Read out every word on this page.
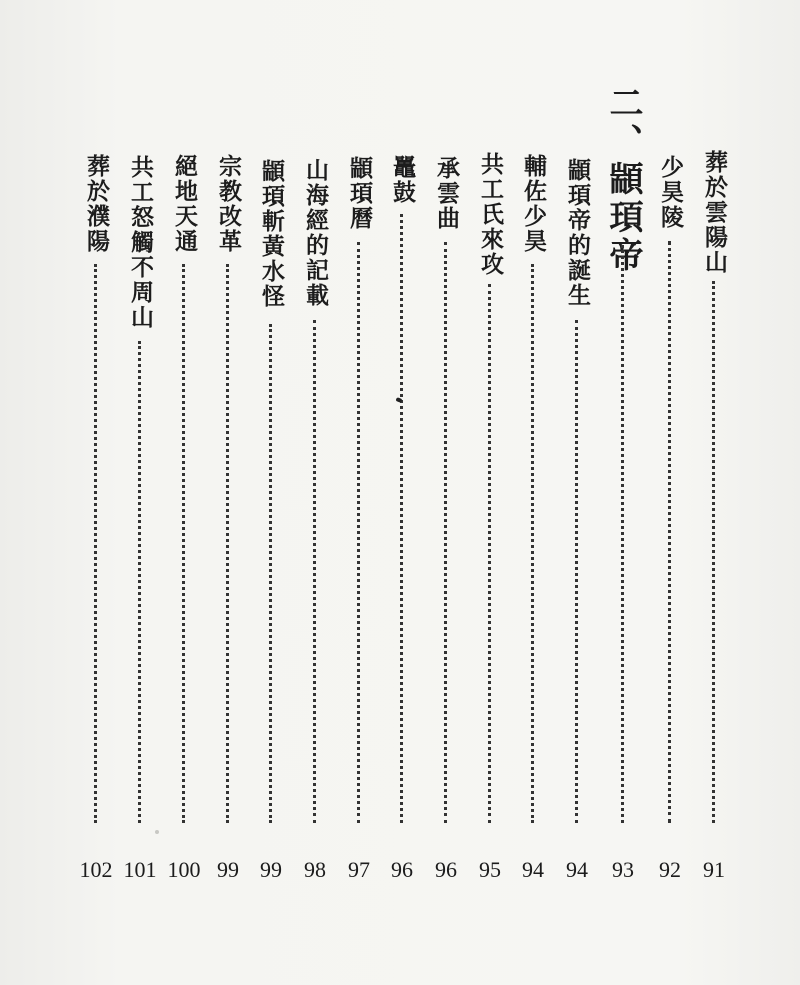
葬於雲陽山
91
少昊陵
92
二、顓頊帝
93
顓頊帝的誕生
94
輔佐少昊
94
共工氏來攻
95
承雲曲
96
鼉鼓
96
顓頊曆
97
山海經的記載
98
顓頊斬黃水怪
99
宗教改革
99
絕地天通
100
共工怒觸不周山
101
葬於濮陽
102
